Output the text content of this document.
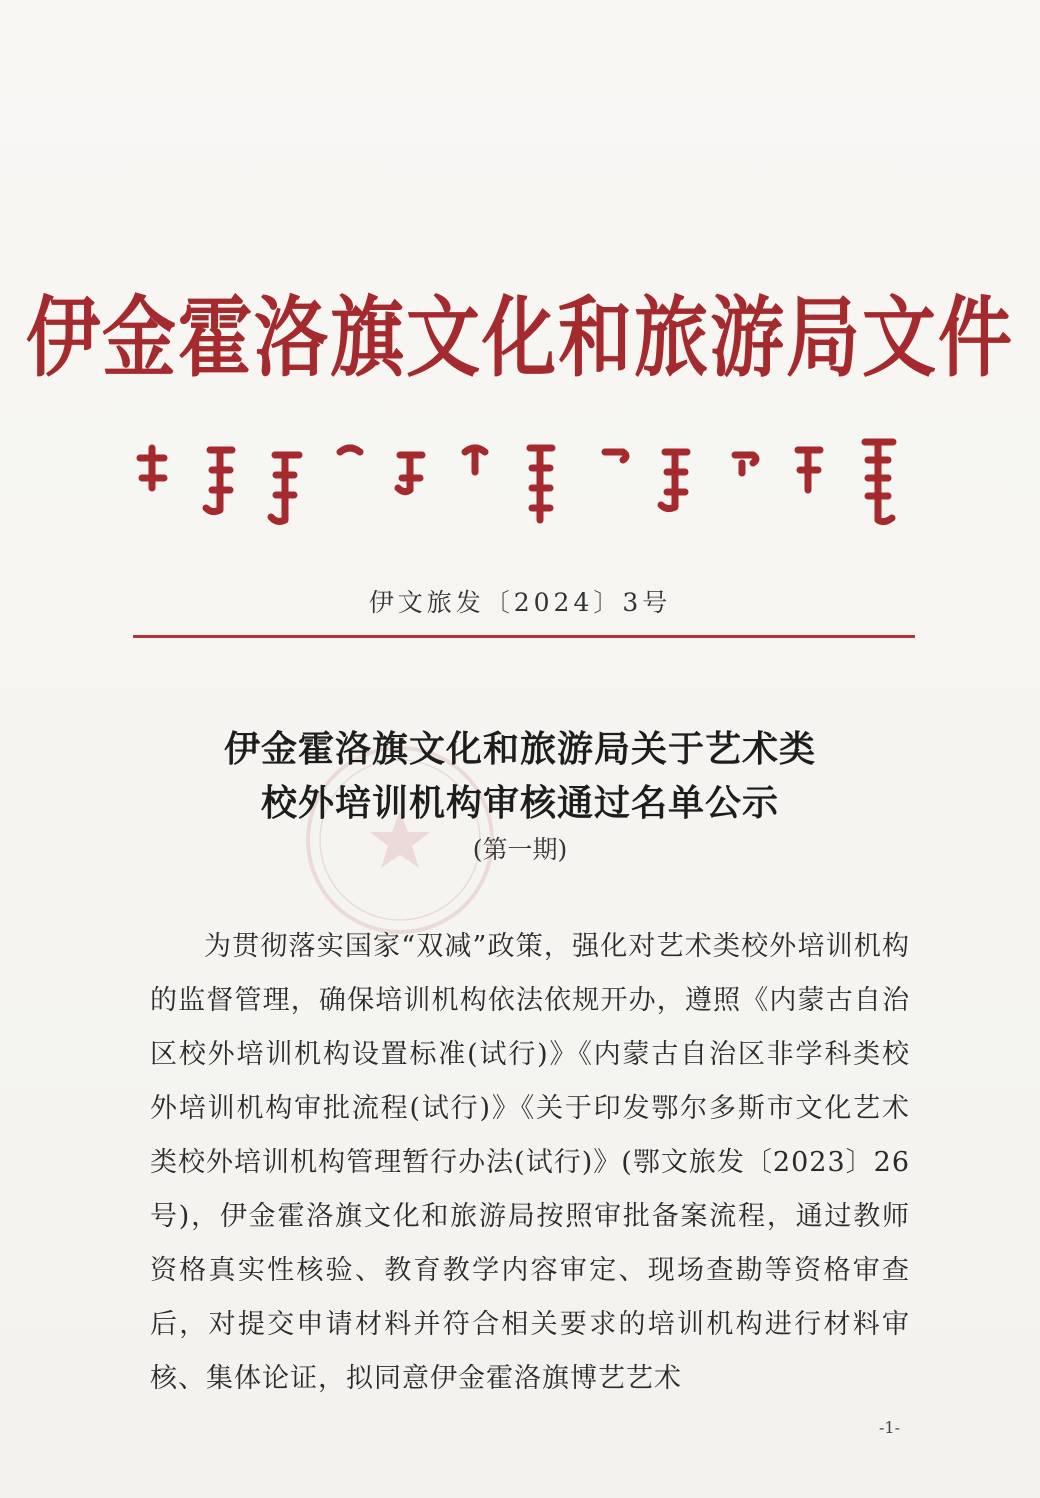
伊金霍洛旗文化和旅游局文件
伊文旅发〔2024〕3号
伊金霍洛旗文化和旅游局关于艺术类
校外培训机构审核通过名单公示
(第一期)
为贯彻落实国家“双减”政策，强化对艺术类校外培训机构的监督管理，确保培训机构依法依规开办，遵照《内蒙古自治区校外培训机构设置标准(试行)》《内蒙古自治区非学科类校外培训机构审批流程(试行)》《关于印发鄂尔多斯市文化艺术类校外培训机构管理暂行办法(试行)》(鄂文旅发〔2023〕26号)，伊金霍洛旗文化和旅游局按照审批备案流程，通过教师资格真实性核验、教育教学内容审定、现场查勘等资格审查后，对提交申请材料并符合相关要求的培训机构进行材料审核、集体论证，拟同意伊金霍洛旗博艺艺术
-1-
